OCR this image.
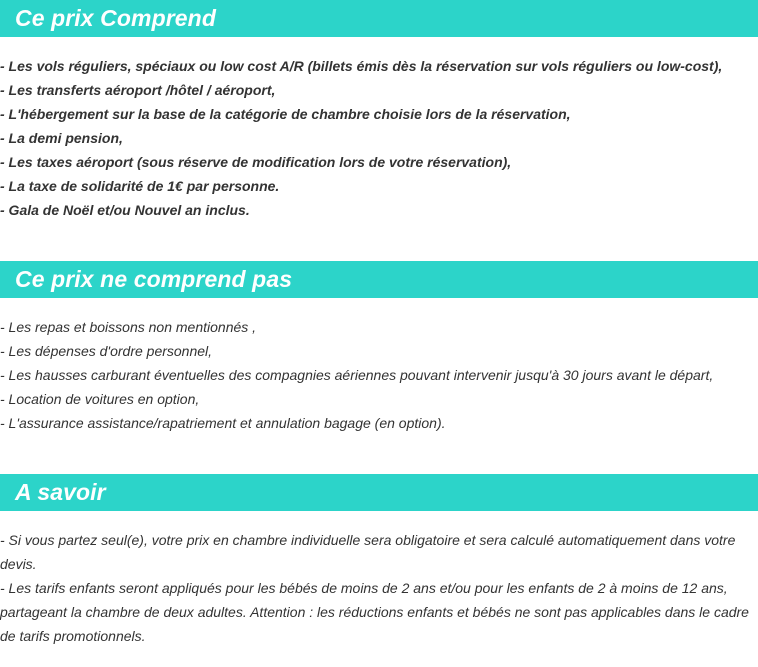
Ce prix Comprend
- Les vols réguliers, spéciaux ou low cost A/R (billets émis dès la réservation sur vols réguliers ou low-cost),
- Les transferts aéroport /hôtel / aéroport,
- L'hébergement sur la base de la catégorie de chambre choisie lors de la réservation,
- La demi pension,
- Les taxes aéroport (sous réserve de modification lors de votre réservation),
- La taxe de solidarité de 1€ par personne.
- Gala de Noël et/ou Nouvel an inclus.
Ce prix ne comprend pas
- Les repas et boissons non mentionnés ,
- Les dépenses d'ordre personnel,
- Les hausses carburant éventuelles des compagnies aériennes pouvant intervenir jusqu'à 30 jours avant le départ,
- Location de voitures en option,
- L'assurance assistance/rapatriement et annulation bagage (en option).
A savoir
- Si vous partez seul(e), votre prix en chambre individuelle sera obligatoire et sera calculé automatiquement dans votre devis.
- Les tarifs enfants seront appliqués pour les bébés de moins de 2 ans et/ou pour les enfants de 2 à moins de 12 ans, partageant la chambre de deux adultes. Attention : les réductions enfants et bébés ne sont pas applicables dans le cadre de tarifs promotionnels.
